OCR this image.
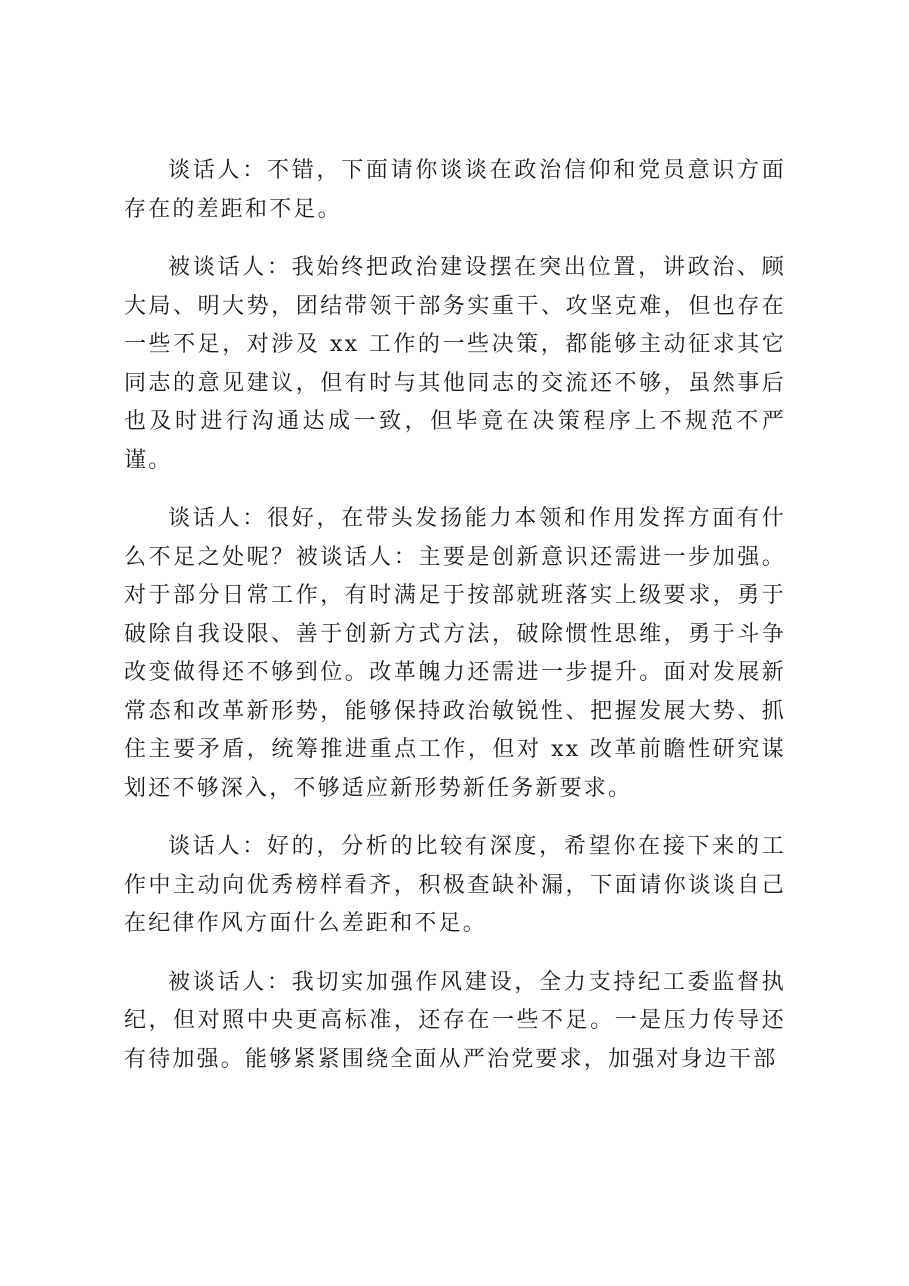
谈话人：不错，下面请你谈谈在政治信仰和党员意识方面存在的差距和不足。

被谈话人：我始终把政治建设摆在突出位置，讲政治、顾大局、明大势，团结带领干部务实重干、攻坚克难，但也存在一些不足，对涉及 xx 工作的一些决策，都能够主动征求其它同志的意见建议，但有时与其他同志的交流还不够，虽然事后也及时进行沟通达成一致，但毕竟在决策程序上不规范不严谨。

谈话人：很好，在带头发扬能力本领和作用发挥方面有什么不足之处呢？被谈话人：主要是创新意识还需进一步加强。对于部分日常工作，有时满足于按部就班落实上级要求，勇于破除自我设限、善于创新方式方法，破除惯性思维，勇于斗争改变做得还不够到位。改革魄力还需进一步提升。面对发展新常态和改革新形势，能够保持政治敏锐性、把握发展大势、抓住主要矛盾，统筹推进重点工作，但对 xx 改革前瞻性研究谋划还不够深入，不够适应新形势新任务新要求。

谈话人：好的，分析的比较有深度，希望你在接下来的工作中主动向优秀榜样看齐，积极查缺补漏，下面请你谈谈自己在纪律作风方面什么差距和不足。

被谈话人：我切实加强作风建设，全力支持纪工委监督执纪，但对照中央更高标准，还存在一些不足。一是压力传导还有待加强。能够紧紧围绕全面从严治党要求，加强对身边干部
